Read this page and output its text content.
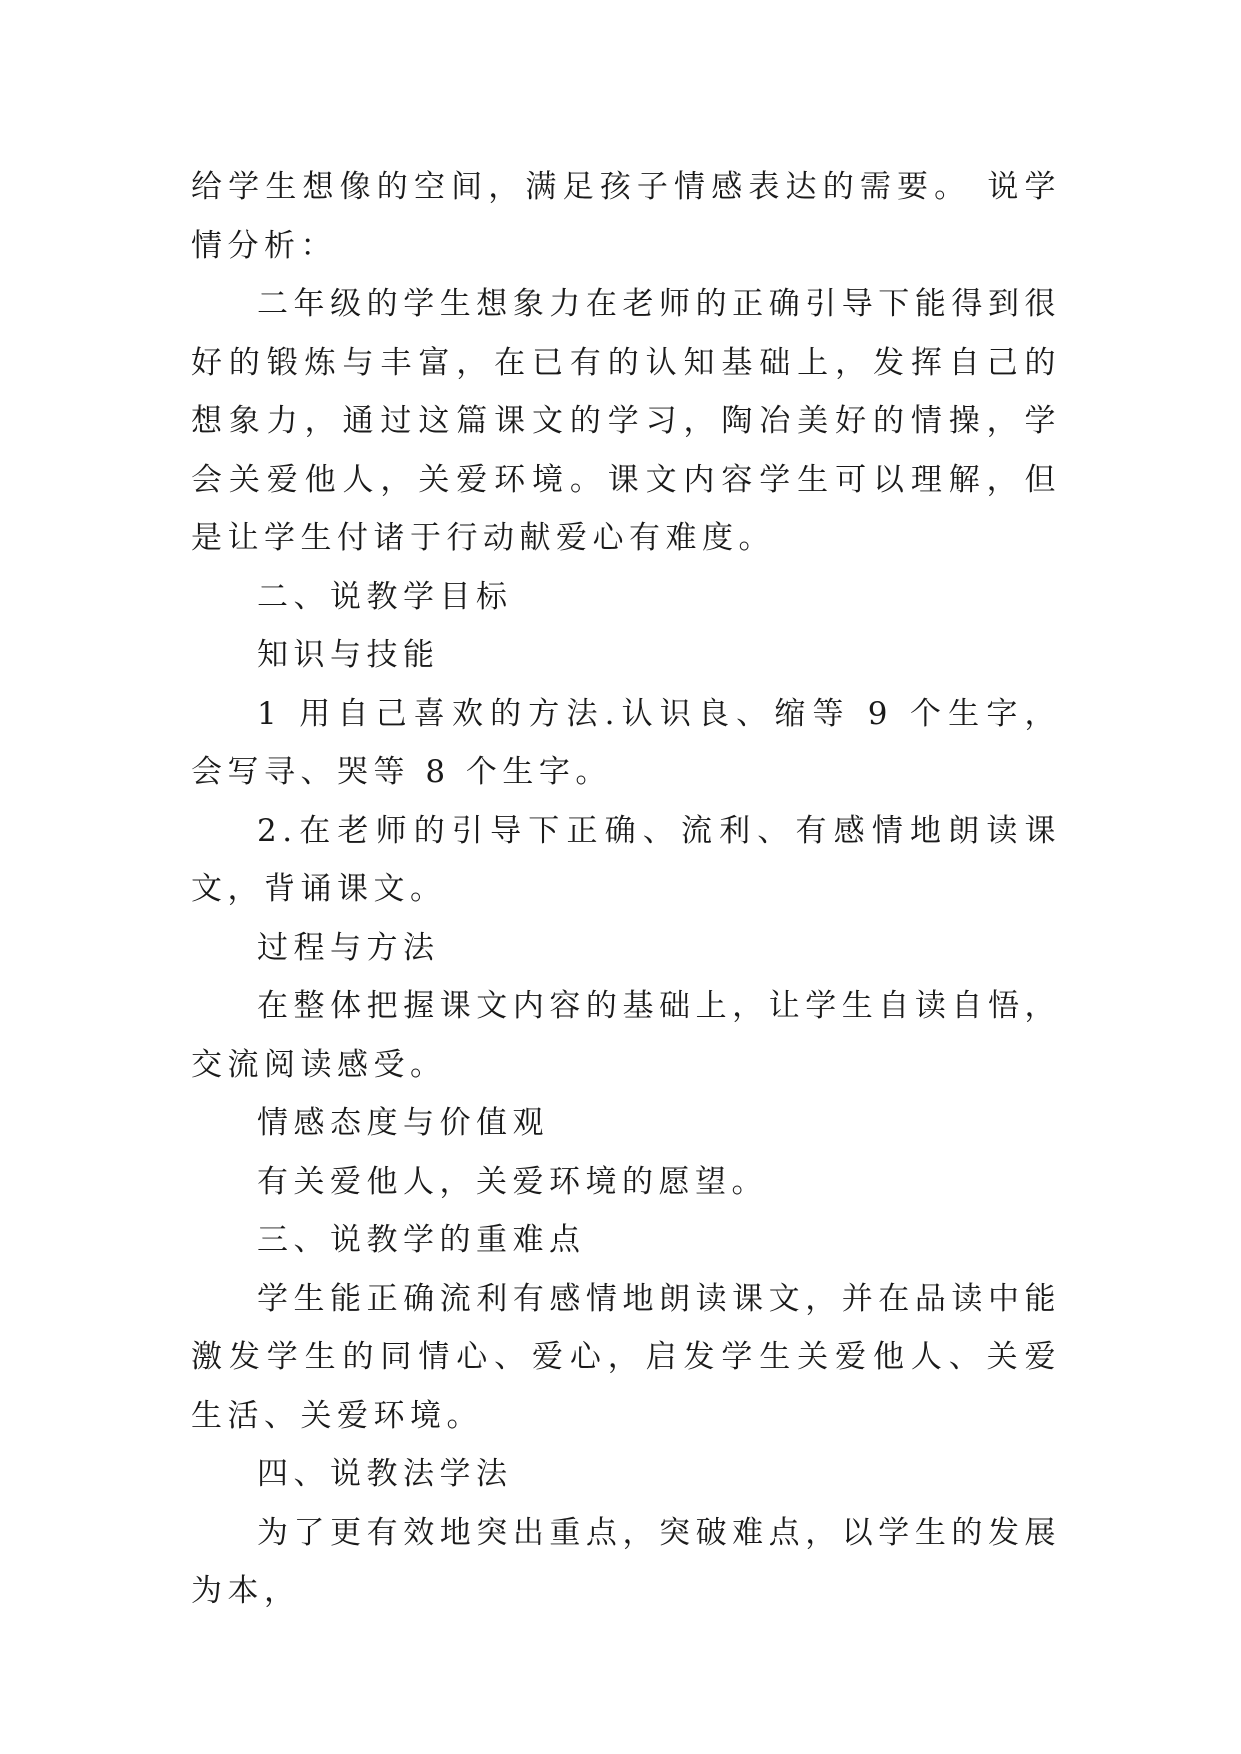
给学生想像的空间，满足孩子情感表达的需要。 说学情分析：

二年级的学生想象力在老师的正确引导下能得到很好的锻炼与丰富，在已有的认知基础上，发挥自己的想象力，通过这篇课文的学习，陶冶美好的情操，学会关爱他人，关爱环境。课文内容学生可以理解，但是让学生付诸于行动献爱心有难度。

二、说教学目标

知识与技能

1 用自己喜欢的方法.认识良、缩等 9 个生字，会写寻、哭等 8 个生字。

2.在老师的引导下正确、流利、有感情地朗读课文，背诵课文。

过程与方法

在整体把握课文内容的基础上，让学生自读自悟，交流阅读感受。

情感态度与价值观

有关爱他人，关爱环境的愿望。

三、说教学的重难点

学生能正确流利有感情地朗读课文，并在品读中能激发学生的同情心、爱心，启发学生关爱他人、关爱生活、关爱环境。

四、说教法学法

为了更有效地突出重点，突破难点，以学生的发展为本，
